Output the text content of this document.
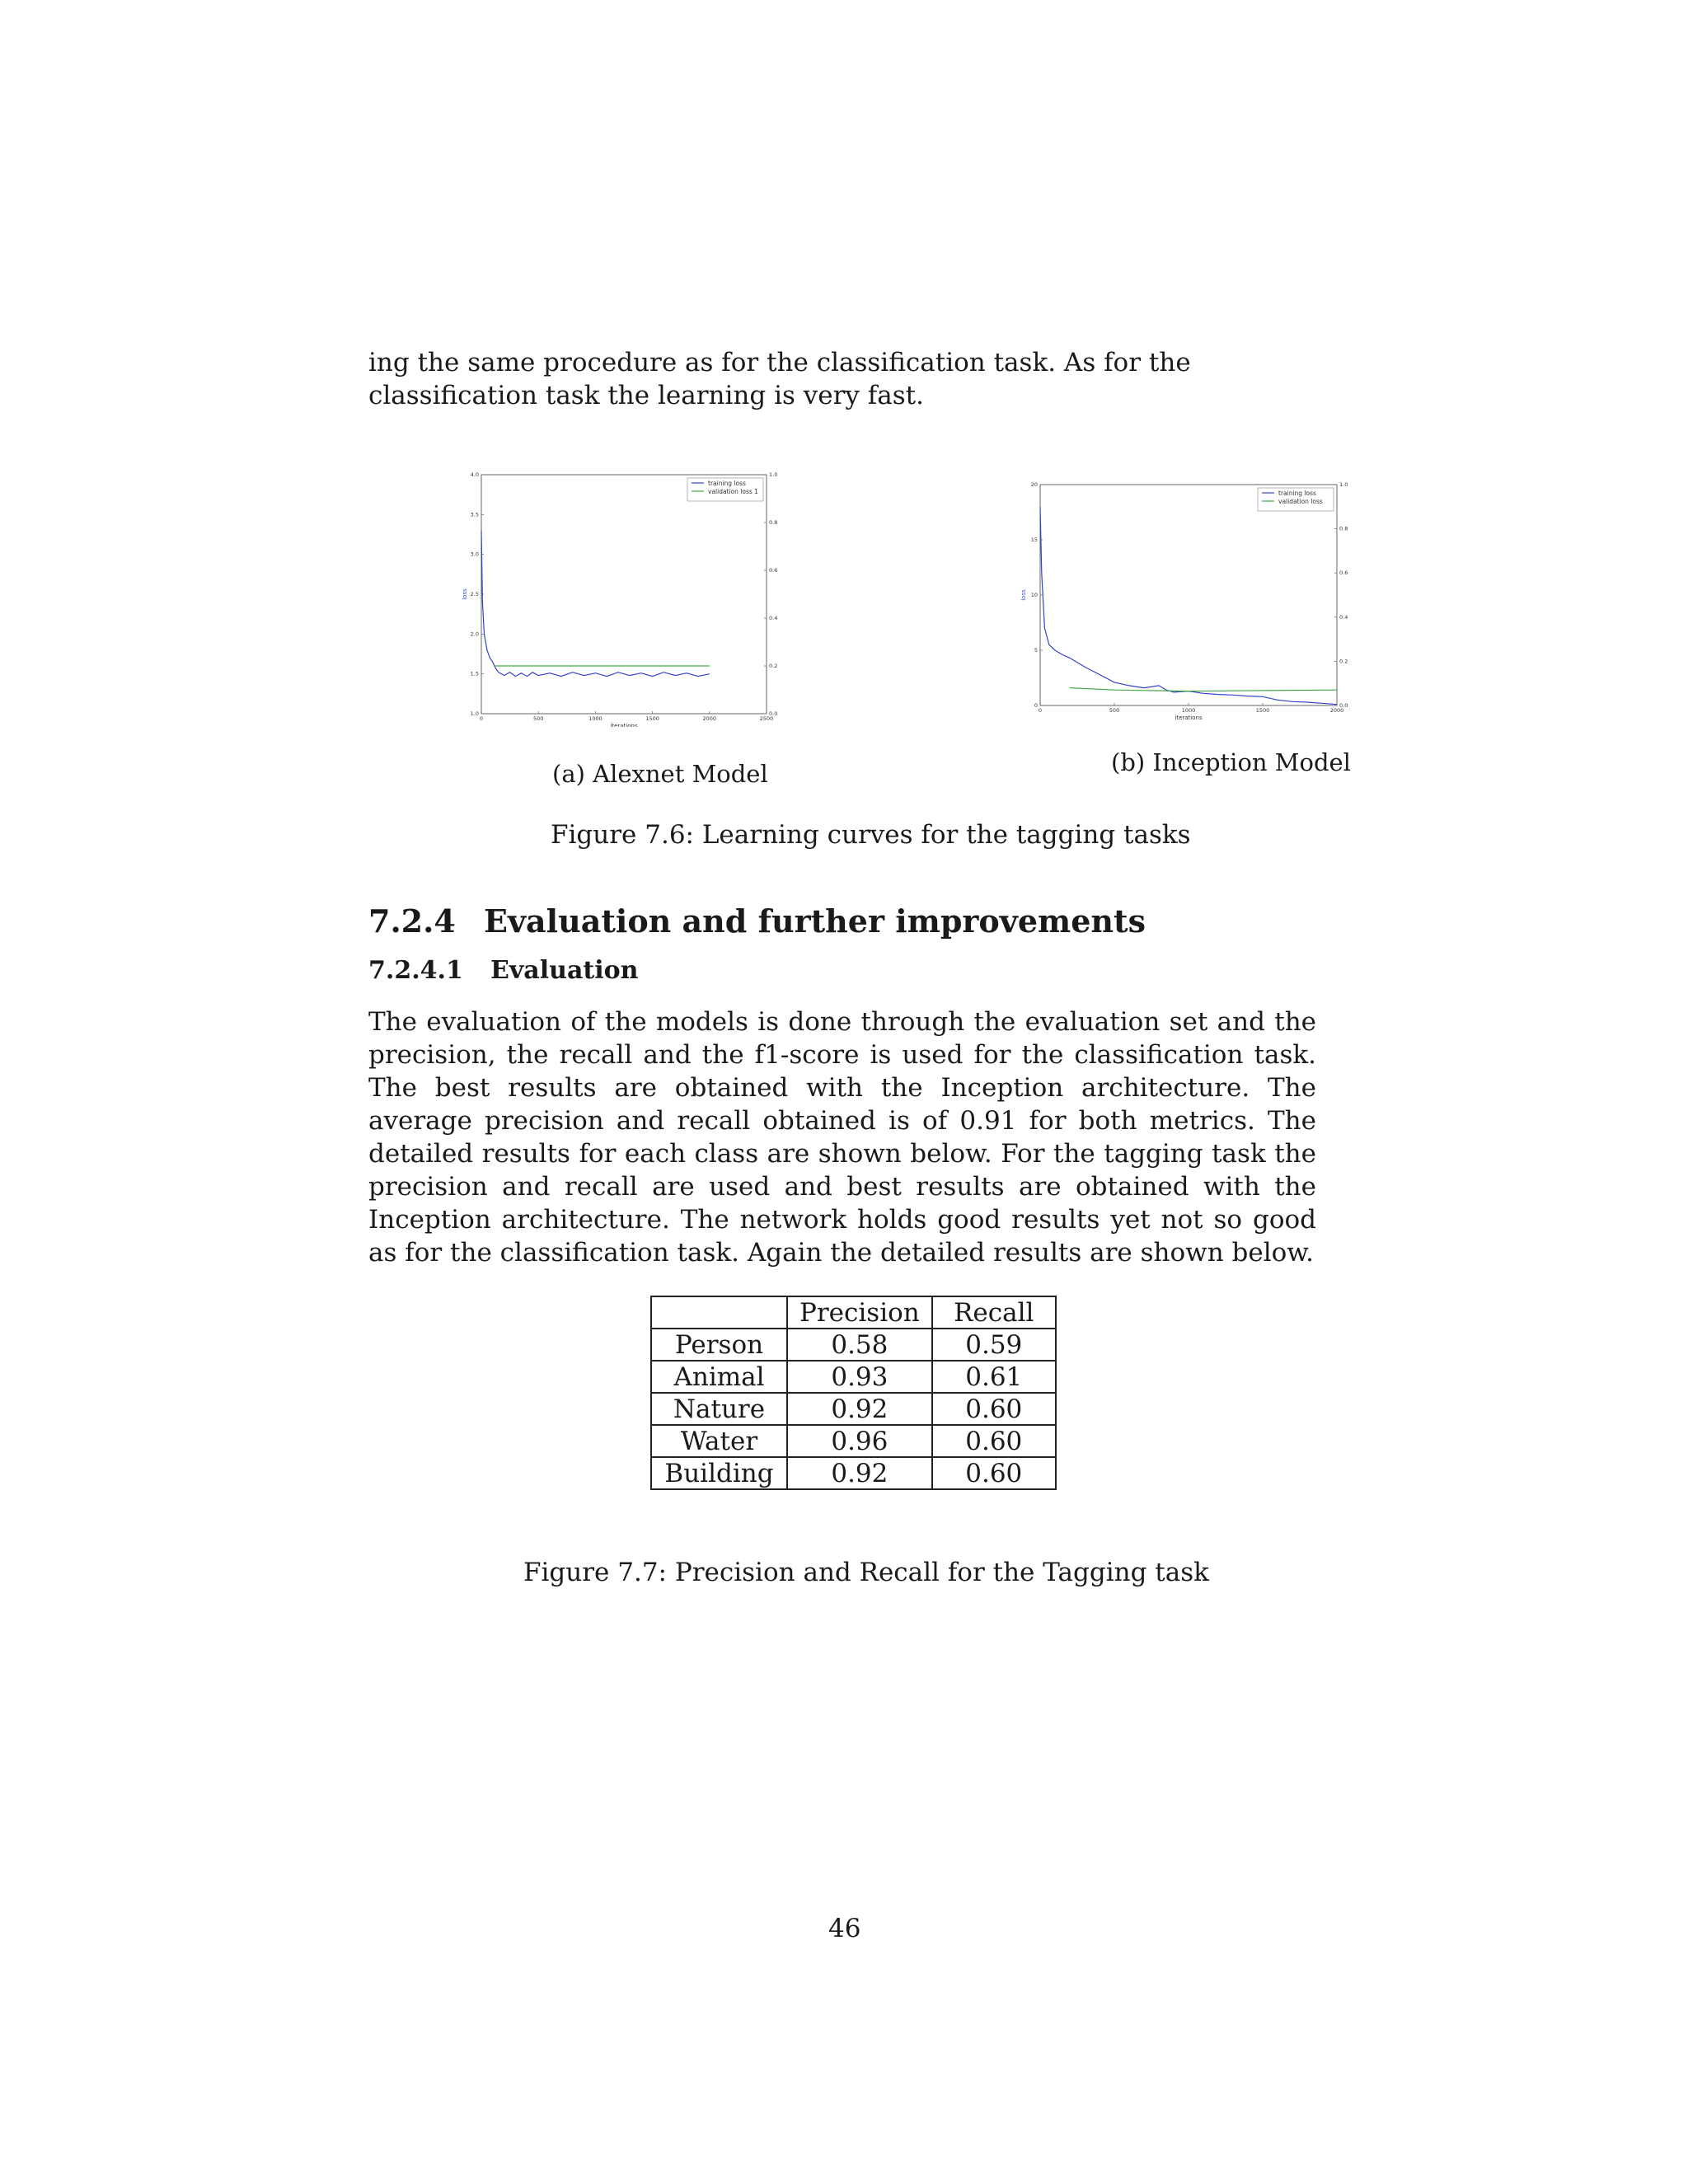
ing the same procedure as for the classification task. As for the classification task the learning is very fast.
0	500	1000	1500	2000	2500
1.0
1.5
2.0
2.5
3.0
3.5
4.0
0.0
0.2
0.4
0.6
0.8
1.0
iterations
loss
training loss
validation loss 1
0	500	1000	1500	2000
0
5
10
15
20
0.0
0.2
0.4
0.6
0.8
1.0
iterations
loss
training loss
validation loss
(a) Alexnet Model	(b) Inception Model
Figure 7.6: Learning curves for the tagging tasks
7.2.4 Evaluation and further improvements
7.2.4.1 Evaluation
The evaluation of the models is done through the evaluation set and the precision, the recall and the f1-score is used for the classification task. The best results are obtained with the Inception architecture. The average precision and recall obtained is of 0.91 for both metrics. The detailed results for each class are shown below. For the tagging task the precision and recall are used and best results are obtained with the Inception architecture. The network holds good results yet not so good as for the classification task. Again the detailed results are shown below.
	Precision	Recall
Person	0.58	0.59
Animal	0.93	0.61
Nature	0.92	0.60
Water	0.96	0.60
Building	0.92	0.60
Figure 7.7: Precision and Recall for the Tagging task
46
